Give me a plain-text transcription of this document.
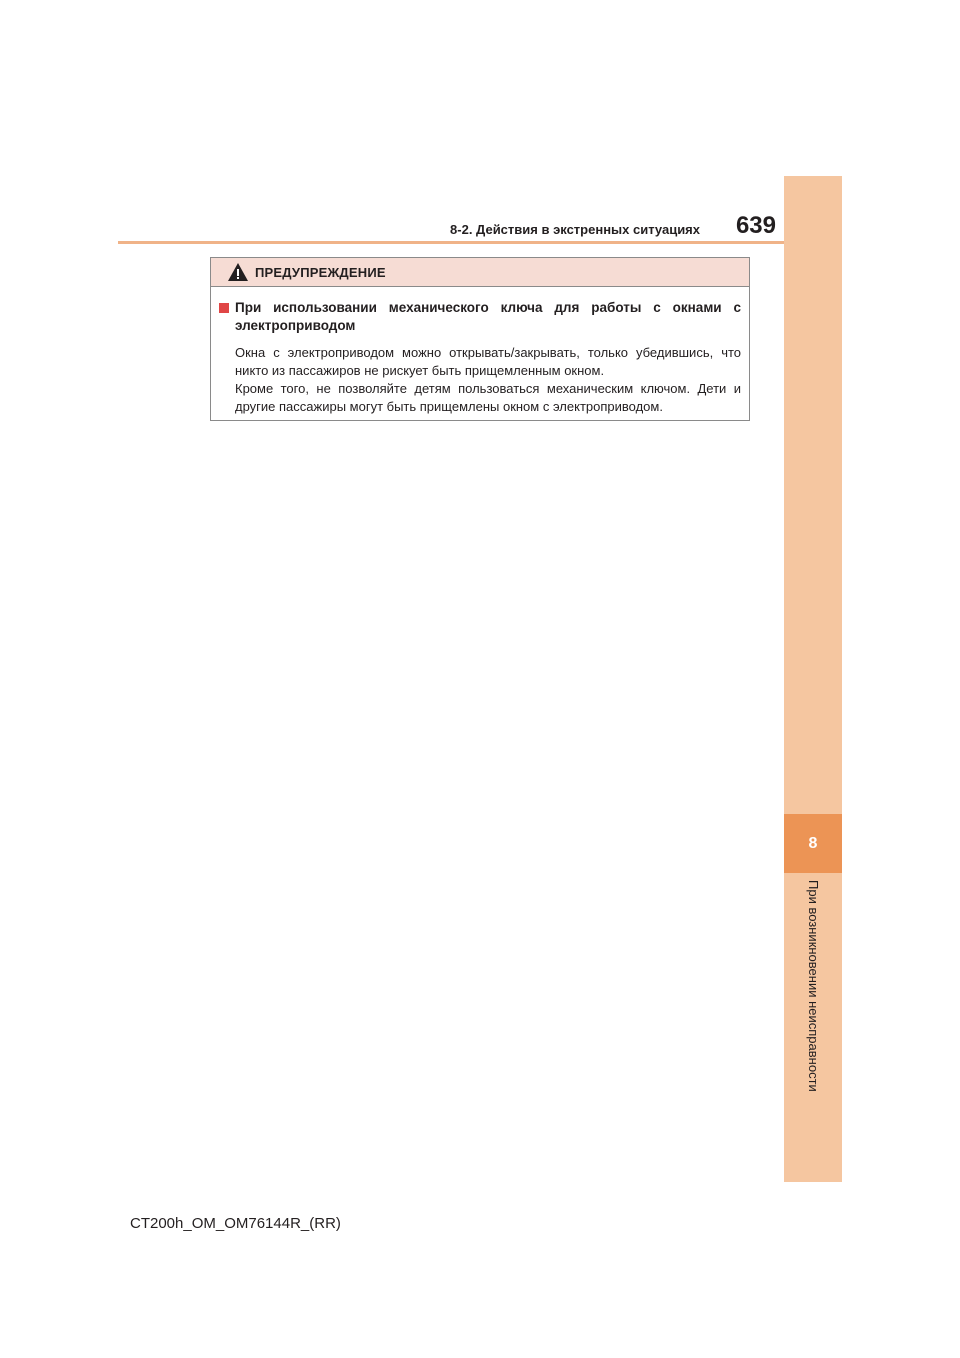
8
При возникновении неисправности
8-2. Действия в экстренных ситуациях	639
ПРЕДУПРЕЖДЕНИЕ
При использовании механического ключа для работы с окнами с электроприводом

Окна с электроприводом можно открывать/закрывать, только убедившись, что никто из пассажиров не рискует быть прищемленным окном.

Кроме того, не позволяйте детям пользоваться механическим ключом. Дети и другие пассажиры могут быть прищемлены окном с электроприводом.

CT200h_OM_OM76144R_(RR)
